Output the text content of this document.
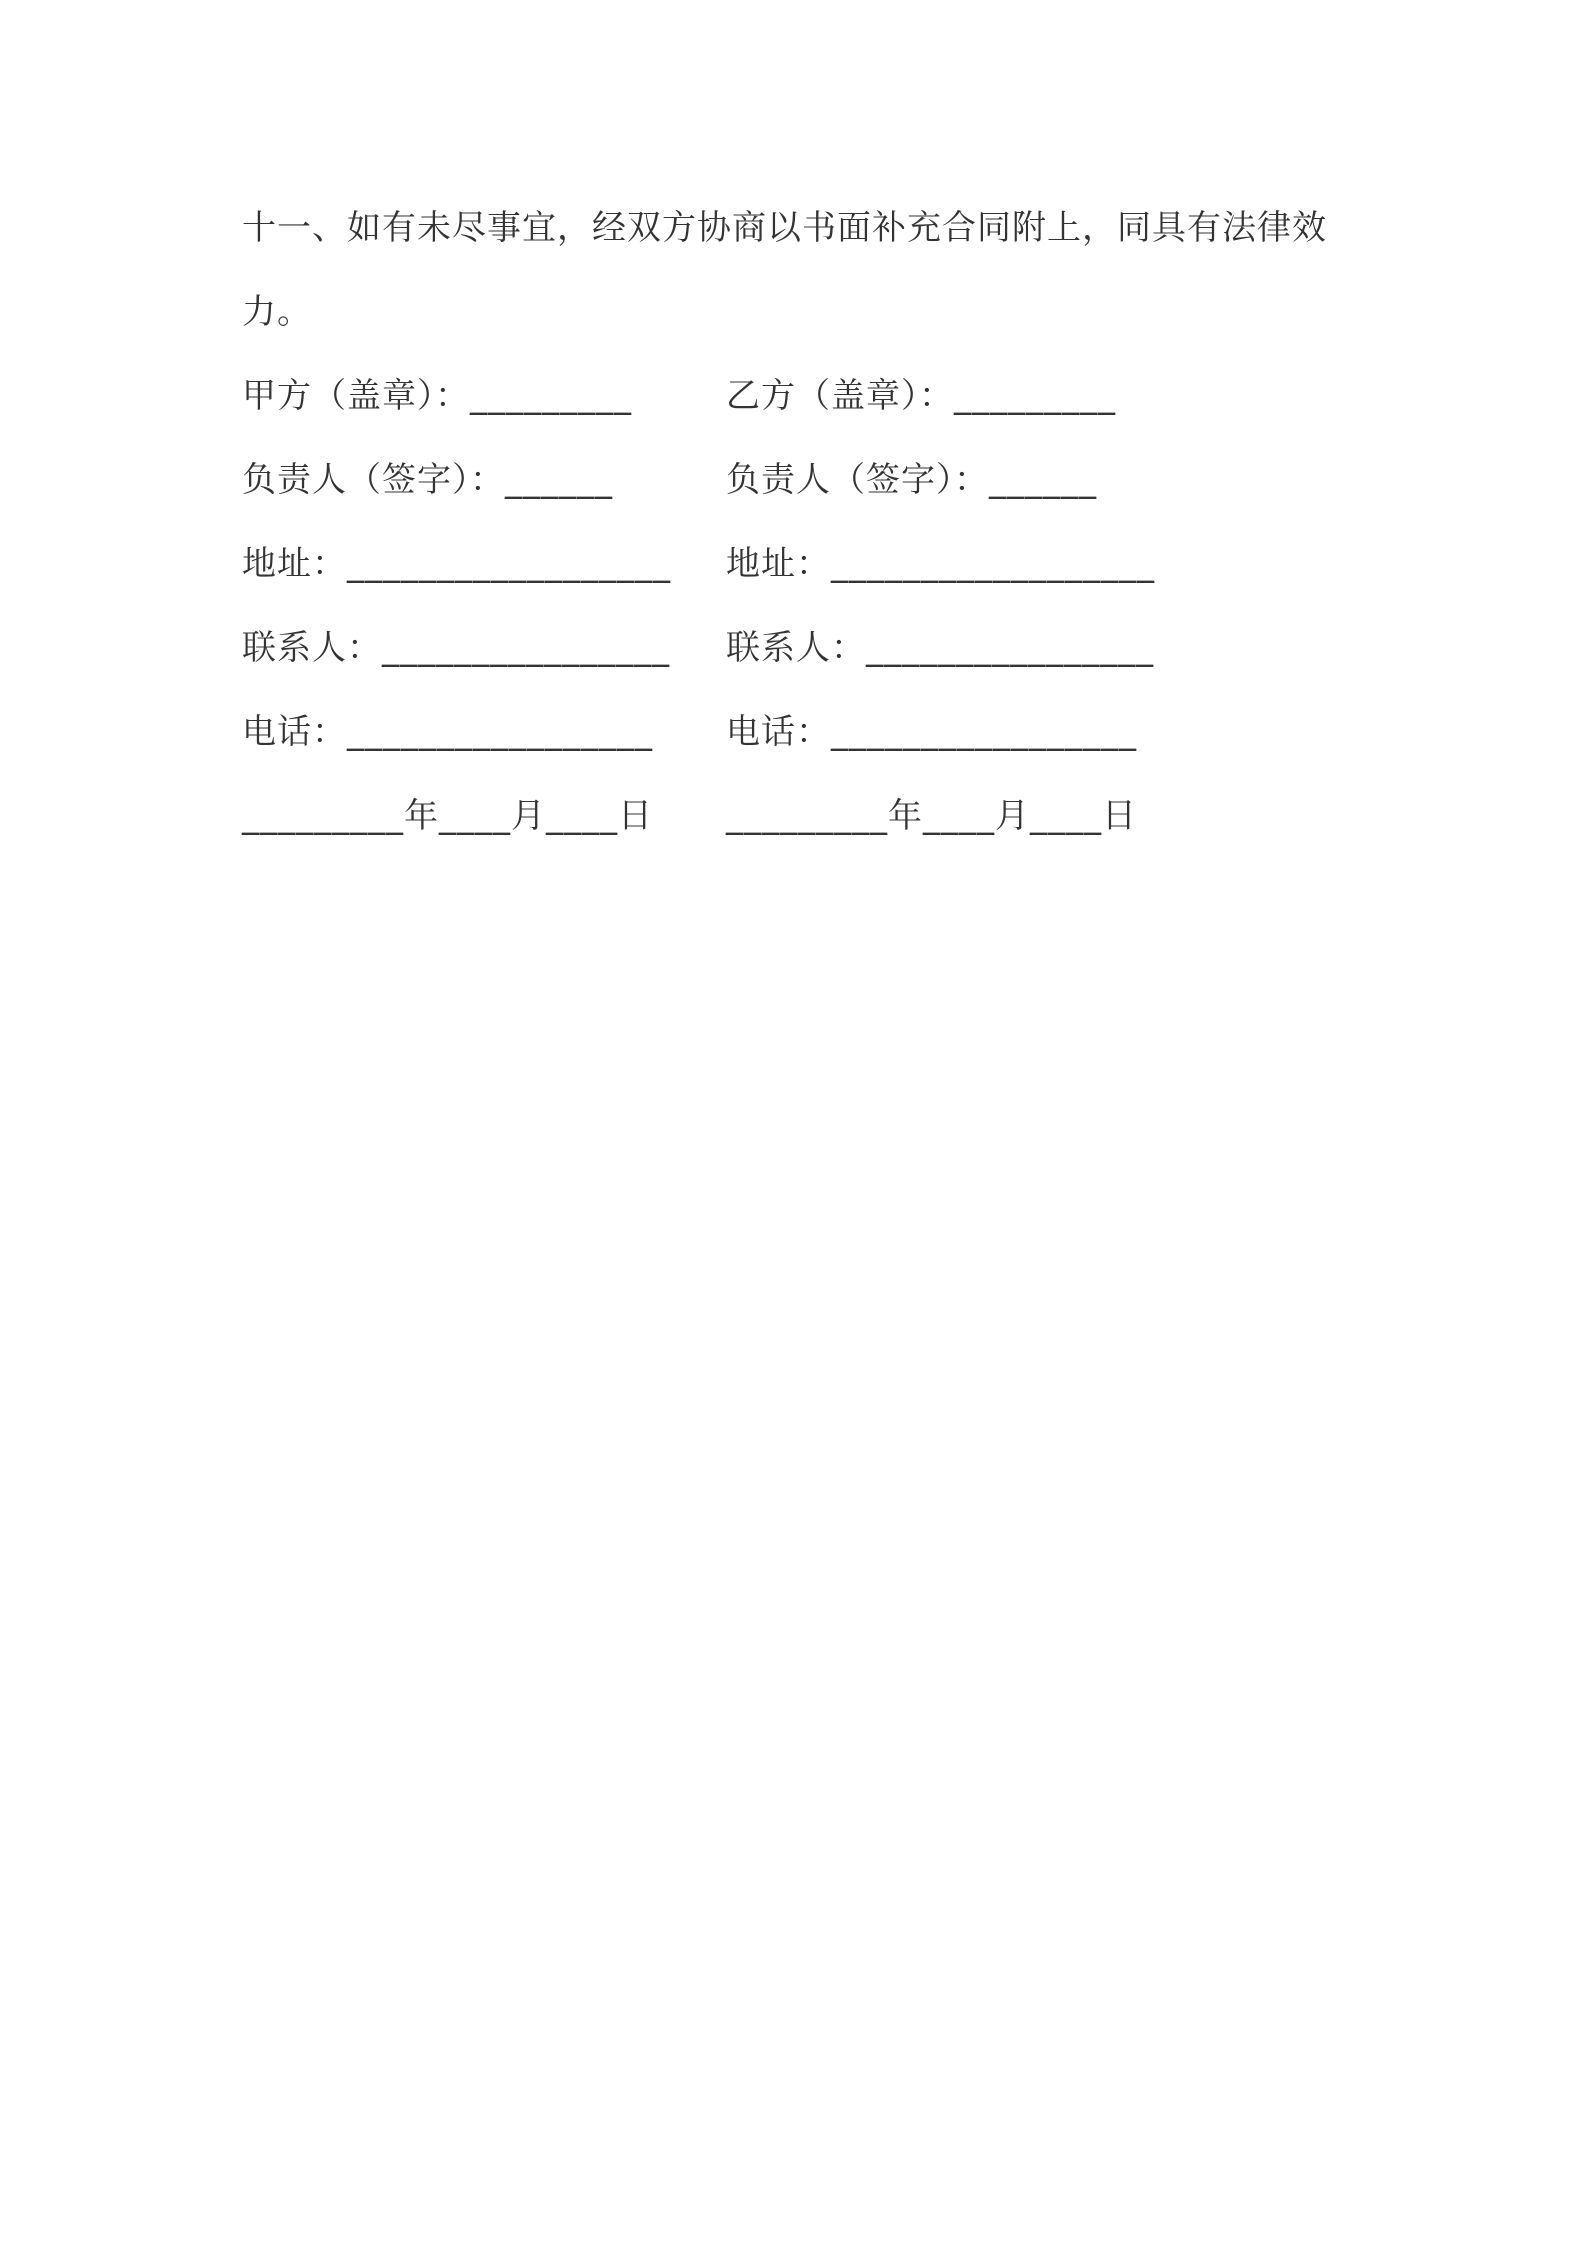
十一、如有未尽事宜，经双方协商以书面补充合同附上，同具有法律效力。

甲方（盖章）：_________

	乙方（盖章）：_________

负责人（签字）：______

	负责人（签字）：______

地址：__________________

地址：__________________

联系人：________________

联系人：________________

电话：_________________

电话：_________________

_________年____月____日

_________年____月____日
